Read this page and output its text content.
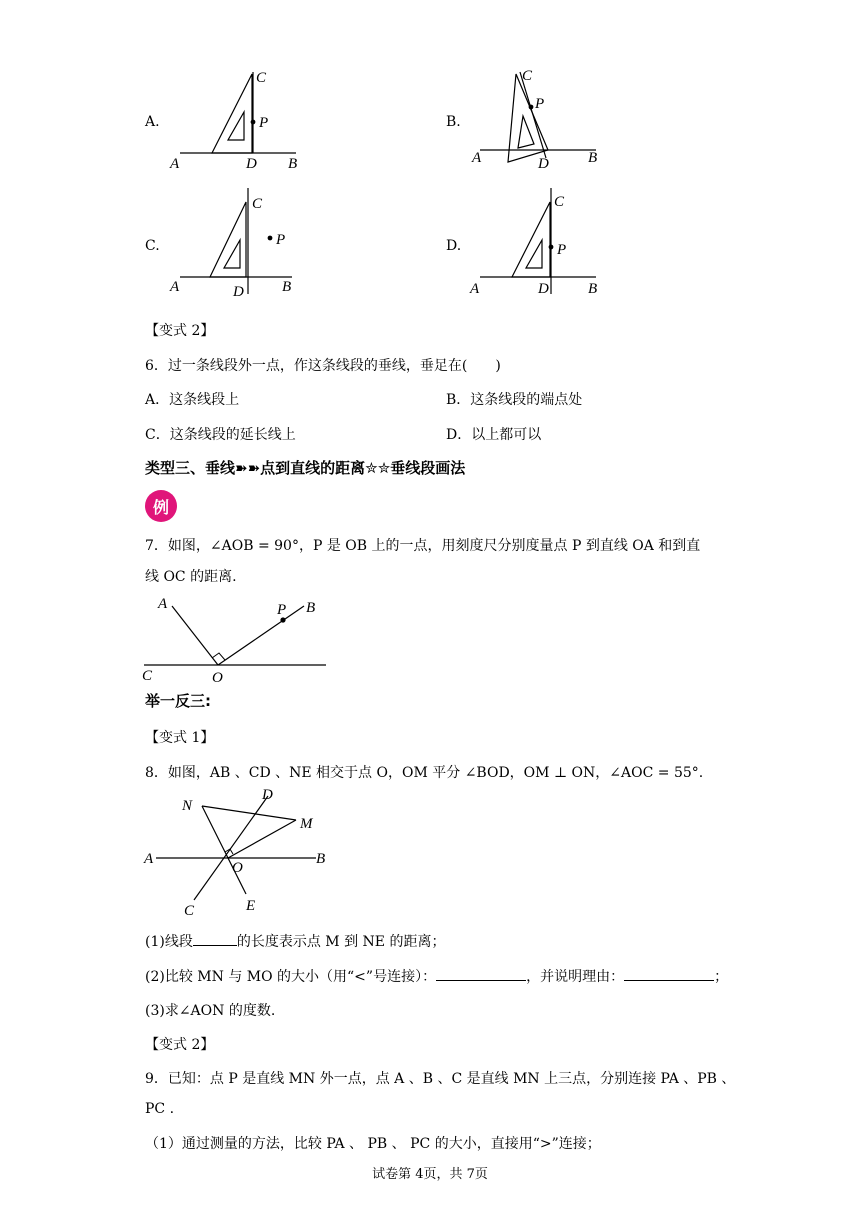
A.
A	D B
C
P	B.
A	D	B
C
P
C.
A	D	B
C
P	D.
A	D	B
C
P
【变式 2】
6．过一条线段外一点，作这条线段的垂线，垂足在(　　)
A．这条线段上	B．这条线段的端点处
C．这条线段的延长线上	D．以上都可以
类型三、垂线➽➽点到直线的距离✮✮垂线段画法
例
7．如图，∠AOB = 90°，P 是 OB 上的一点，用刻度尺分别度量点 P 到直线 OA 和到直
线 OC 的距离.
A	B
P
C	O
举一反三:
【变式 1】
8．如图，AB 、CD 、NE 相交于点 O，OM 平分 ∠BOD，OM ⊥ ON，∠AOC = 55°.
A	B
C
D
E
M
N
O
(1)线段	的长度表示点 M 到 NE 的距离；
(2)比较 MN 与 MO 的大小（用“<”号连接）：	，并说明理由：	；
(3)求∠AON 的度数.
【变式 2】
9．已知：点 P 是直线 MN 外一点，点 A 、B 、C 是直线 MN 上三点，分别连接 PA 、PB 、
PC .
（1）通过测量的方法，比较 PA 、 PB 、 PC 的大小，直接用“>”连接；
试卷第 4页，共 7页
